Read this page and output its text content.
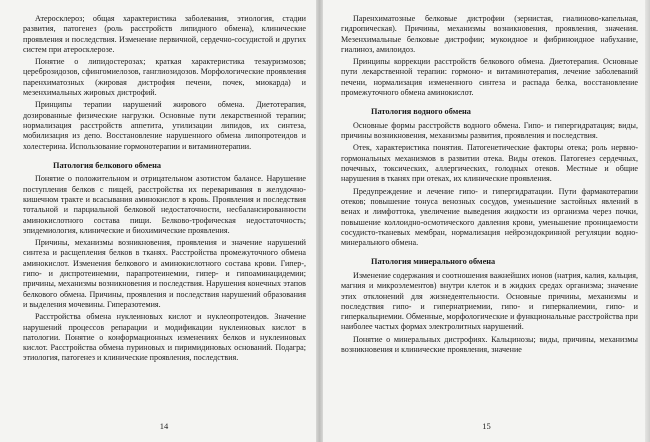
Атеросклероз; общая характеристика заболевания, этиология, стадии развития, патогенез (роль расстройств липидного обмена), клинические проявления и последствия. Изменение первичной, сердечно-сосудистой и других систем при атеросклерозе.

Понятие о липидостерозах; краткая характеристика тезауризмозов; цереброзидозов, сфингомиелозов, ганглиозидозов. Морфологические проявления паренхиматозных (жировая дистрофия печени, почек, миокарда) и мезенхимальных жировых дистрофий.

Принципы терапии нарушений жирового обмена. Диетотерапия, дозированные физические нагрузки. Основные пути лекарственной терапии; нормализация расстройств аппетита, утилизации липидов, их синтеза, мобилизация из депо. Восстановление нарушенного обмена липопротеидов и холестерина. Использование гормонотерапии и витаминотерапии.

Патология белкового обмена

Понятие о положительном и отрицательном азотистом балансе. Нарушение поступления белков с пищей, расстройства их переваривания в желудочно-кишечном тракте и всасывания аминокислот в кровь. Проявления и последствия тотальной и парциальной белковой недостаточности, несбалансированности аминокислотного состава пищи. Белково-трофическая недостаточность; эпидемиология, клинические и биохимические проявления.

Причины, механизмы возникновения, проявления и значение нарушений синтеза и расщепления белков в тканях. Расстройства промежуточного обмена аминокислот. Изменения белкового и аминокислотного состава крови. Гипер-, гипо- и диспротеинемии, парапротеинемии, гипер- и гипоаминацидемии; причины, механизмы возникновения и последствия. Нарушения конечных этапов белкового обмена. Причины, проявления и последствия нарушений образования и выделения мочевины. Гиперазотемия.

Расстройства обмена нуклеиновых кислот и нуклеопротеидов. Значение нарушений процессов репарации и модификации нуклеиновых кислот в патологии. Понятие о конформационных изменениях белков и нуклеиновых кислот. Расстройства обмена пуриновых и пиримидиновых оснований. Подагра; этиология, патогенез и клинические проявления, последствия.

14

Паренхиматозные белковые дистрофии (зернистая, гиалиново-капельная, гидропическая). Причины, механизмы возникновения, проявления, значения. Мезенхимальные белковые дистрофии; мукоидное и фибриноидное набухание, гиалиноз, амилоидоз.

Принципы коррекции расстройств белкового обмена. Диетотерапия. Основные пути лекарственной терапии: гормоно- и витаминотерапия, лечение заболеваний печени, нормализация измененного синтеза и распада белка, восстановление промежуточного обмена аминокислот.

Патология водного обмена

Основные формы расстройств водного обмена. Гипо- и гипергидратация; виды, причины возникновения, механизмы развития, проявления и последствия.

Отек, характеристика понятия. Патогенетические факторы отека; роль нервно-гормональных механизмов в развитии отека. Виды отеков. Патогенез сердечных, почечных, токсических, аллергических, голодных отеков. Местные и общие нарушения в тканях при отеках, их клинические проявления.

Предупреждение и лечение гипо- и гипергидратации. Пути фармакотерапии отеков; повышение тонуса венозных сосудов, уменьшение застойных явлений в венах и лимфоттока, увеличение выведения жидкости из организма через почки, повышение коллоидно-осмотического давления крови, уменьшение проницаемости сосудисто-тканевых мембран, нормализация нейроэндокринной регуляции водно-минерального обмена.

Патология минерального обмена

Изменение содержания и соотношения важнейших ионов (натрия, калия, кальция, магния и микроэлементов) внутри клеток и в жидких средах организма; значение этих отклонений для жизнедеятельности. Основные причины, механизмы и последствия гипо- и гипернатриемии, гипо- и гиперкалиемии, гипо- и гиперкальциемии. Обменные, морфологические и функциональные расстройства при наиболее частых формах электролитных нарушений.

Понятие о минеральных дистрофиях. Кальцинозы; виды, причины, механизмы возникновения и клинические проявления, значение

15
